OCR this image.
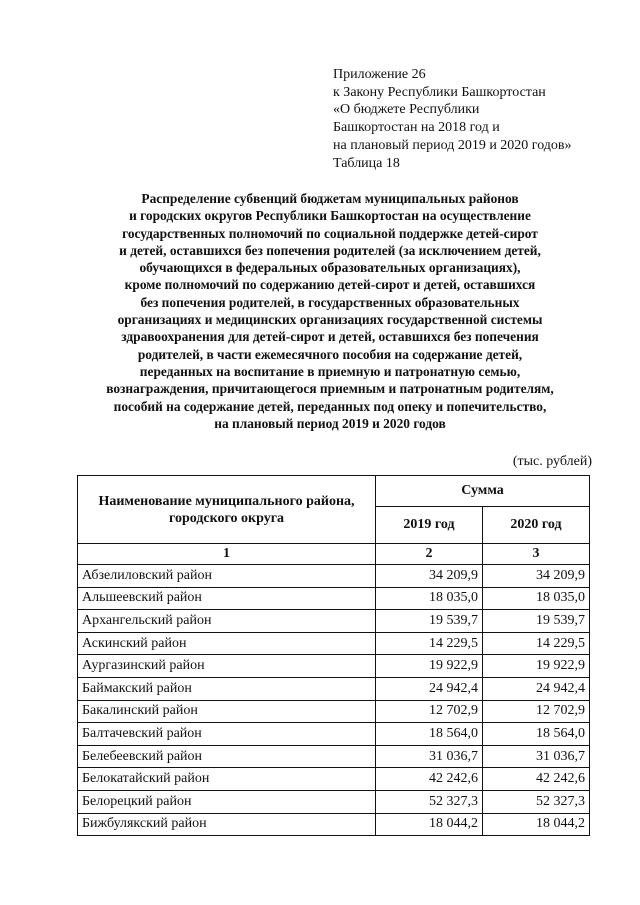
Приложение 26
к Закону Республики Башкортостан
«О бюджете Республики
Башкортостан на 2018 год и
на плановый период 2019 и 2020 годов»
Таблица 18
Распределение субвенций бюджетам муниципальных районов
и городских округов Республики Башкортостан на осуществление
государственных полномочий по социальной поддержке детей-сирот
и детей, оставшихся без попечения родителей (за исключением детей,
обучающихся в федеральных образовательных организациях),
кроме полномочий по содержанию детей-сирот и детей, оставшихся
без попечения родителей, в государственных образовательных
организациях и медицинских организациях государственной системы
здравоохранения для детей-сирот и детей, оставшихся без попечения
родителей, в части ежемесячного пособия на содержание детей,
переданных на воспитание в приемную и патронатную семью,
вознаграждения, причитающегося приемным и патронатным родителям,
пособий на содержание детей, переданных под опеку и попечительство,
на плановый период 2019 и 2020 годов
(тыс. рублей)
Наименование муниципального района,
городского округа	Сумма	
	2019 год	2020 год
1	2	3
Абзелиловский район	34 209,9	34 209,9
Альшеевский район	18 035,0	18 035,0
Архангельский район	19 539,7	19 539,7
Аскинский район	14 229,5	14 229,5
Аургазинский район	19 922,9	19 922,9
Баймакский район	24 942,4	24 942,4
Бакалинский район	12 702,9	12 702,9
Балтачевский район	18 564,0	18 564,0
Белебеевский район	31 036,7	31 036,7
Белокатайский район	42 242,6	42 242,6
Белорецкий район	52 327,3	52 327,3
Бижбулякский район	18 044,2	18 044,2
